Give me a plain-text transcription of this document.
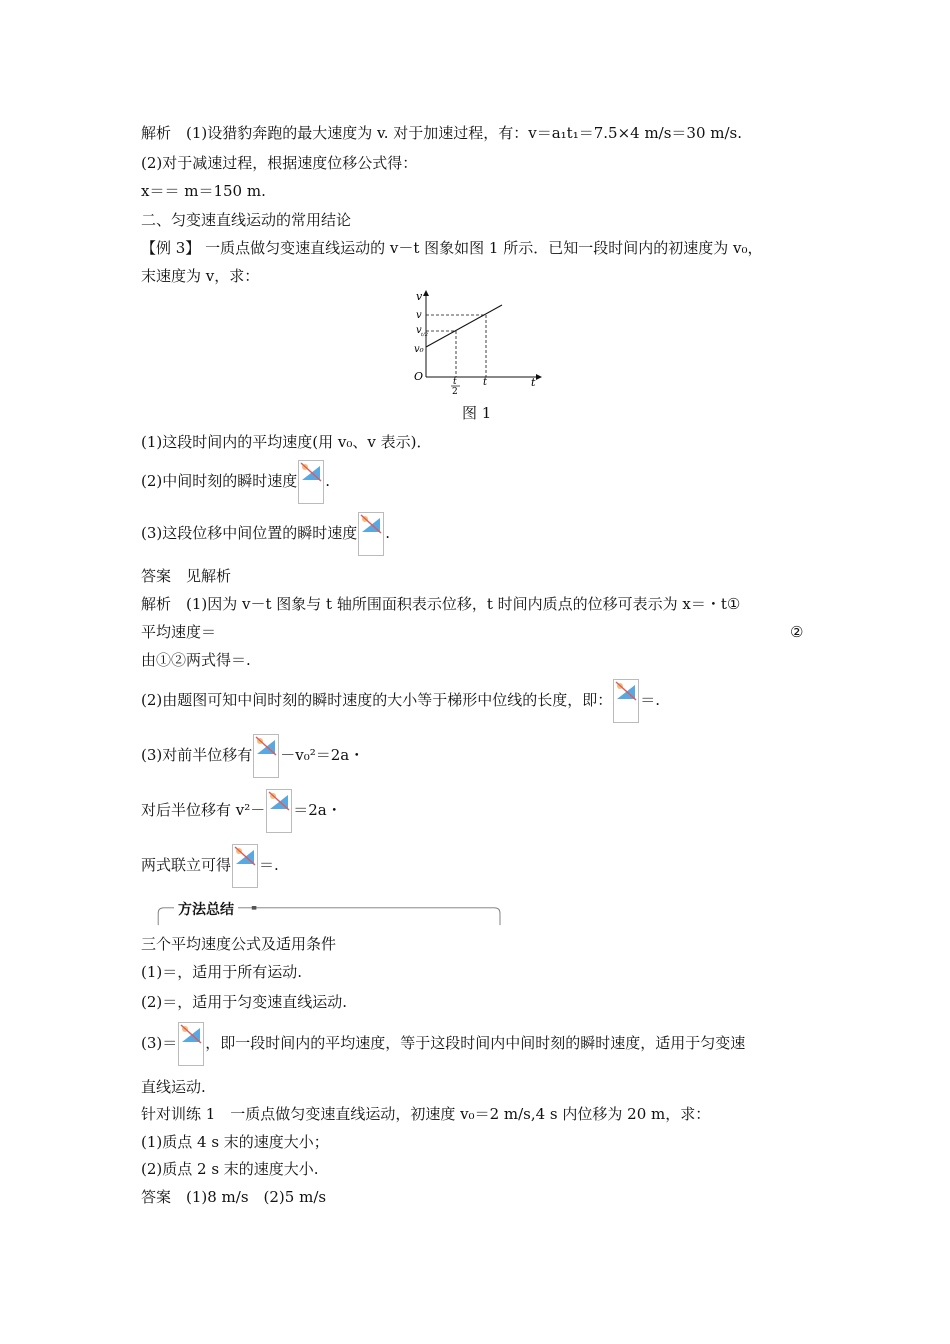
解析　(1)设猎豹奔跑的最大速度为 v. 对于加速过程，有：v＝a₁t₁＝7.5×4 m/s＝30 m/s.
(2)对于减速过程，根据速度位移公式得：
x＝＝ m＝150 m.
二、匀变速直线运动的常用结论
【例 3】 一质点做匀变速直线运动的 v－t 图象如图 1 所示．已知一段时间内的初速度为 v₀，
末速度为 v，求：
v
t
O
v
v t/2
v₀
t
2
t
图 1
(1)这段时间内的平均速度(用 v₀、v 表示)．
(2)中间时刻的瞬时速度 .
(3)这段位移中间位置的瞬时速度 .
答案　见解析
解析　(1)因为 v－t 图象与 t 轴所围面积表示位移，t 时间内质点的位移可表示为 x＝・t①
平均速度＝	②
由①②两式得＝.
(2)由题图可知中间时刻的瞬时速度的大小等于梯形中位线的长度，即： ＝.
(3)对前半位移有 －v₀²＝2a・
对后半位移有 v²－ ＝2a・
两式联立可得 ＝.
方法总结
三个平均速度公式及适用条件
(1)＝，适用于所有运动.
(2)＝，适用于匀变速直线运动.
(3)＝ ，即一段时间内的平均速度，等于这段时间内中间时刻的瞬时速度，适用于匀变速
直线运动.
针对训练 1　一质点做匀变速直线运动，初速度 v₀＝2 m/s,4 s 内位移为 20 m，求：
(1)质点 4 s 末的速度大小；
(2)质点 2 s 末的速度大小.
答案　(1)8 m/s　(2)5 m/s
